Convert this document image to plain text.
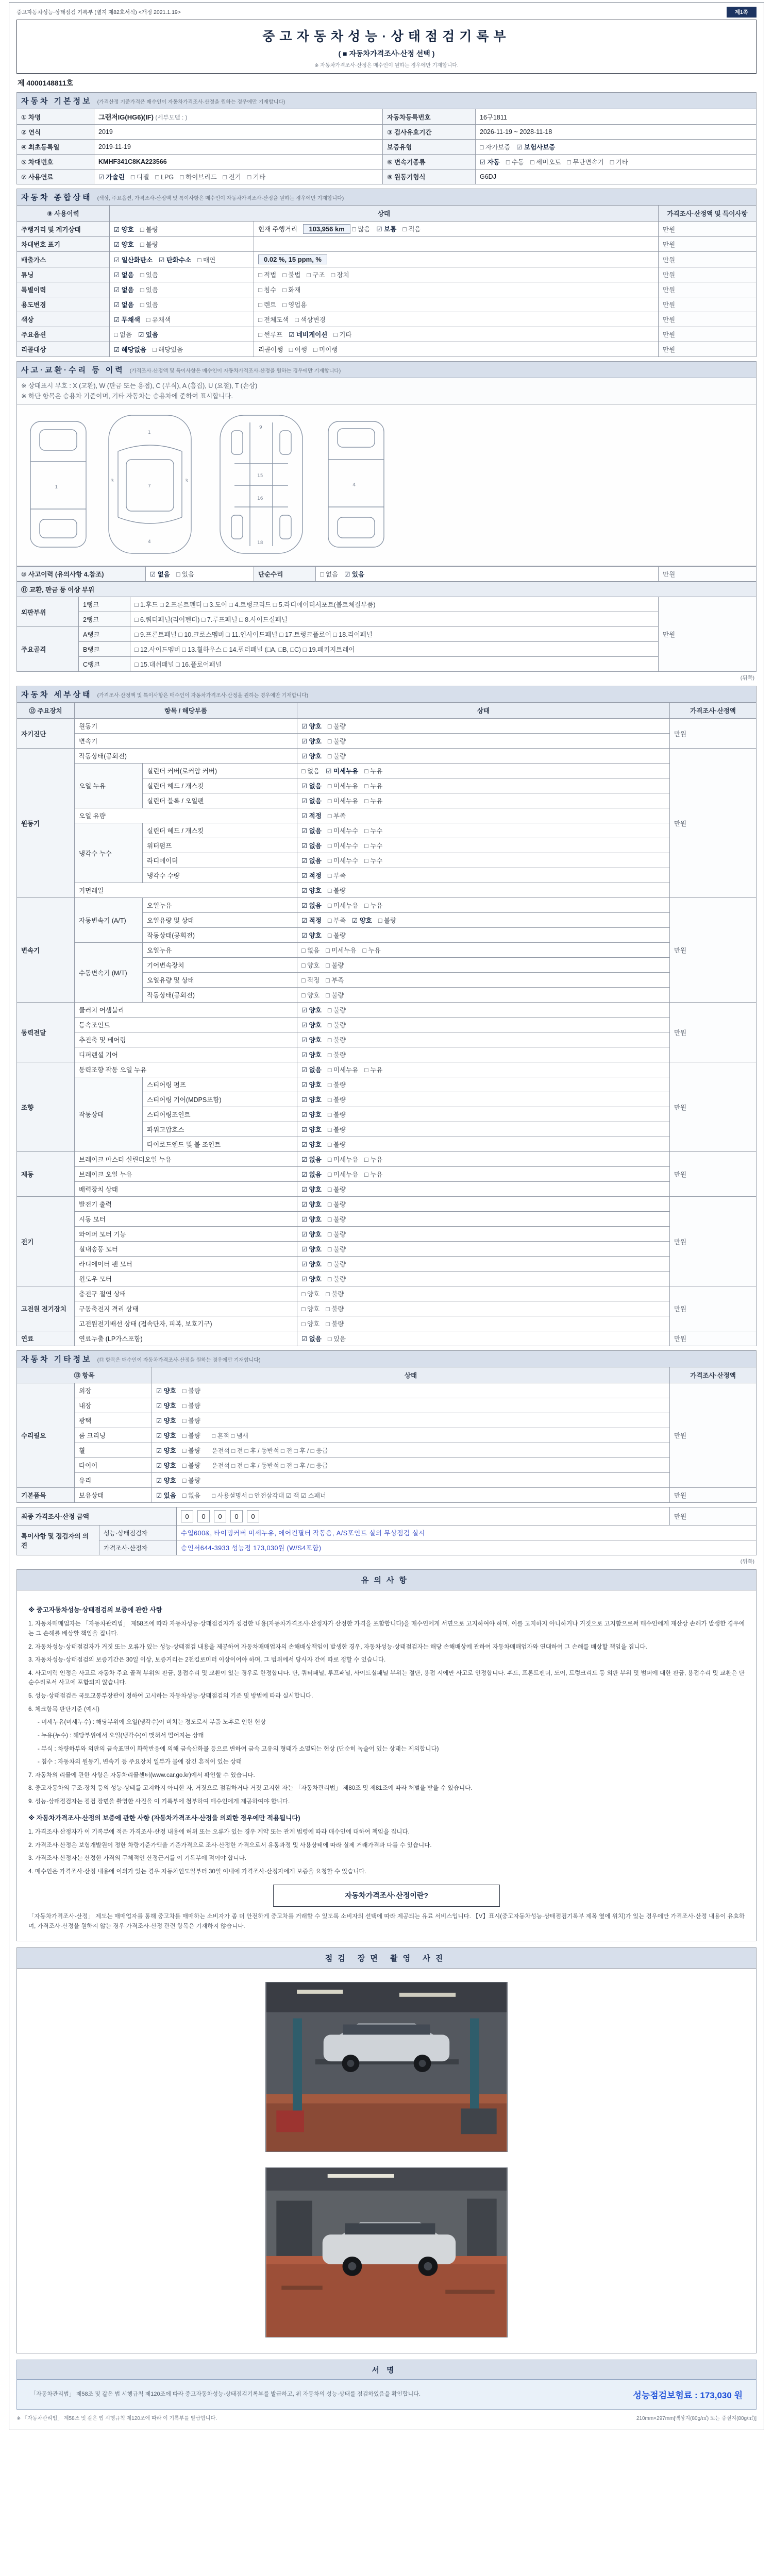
중고자동차성능·상태점검 기록부 (별지 제82호서식) <개정 2021.1.19>	제1쪽
중고자동차성능·상태점검기록부
( ■ 자동차가격조사·산정 선택 )
※ 자동차가격조사·산정은 매수인이 원하는 경우에만 기재합니다.
제 4000148811호
자동차 기본정보 (가격산정 기준가격은 매수인이 자동차가격조사·산정을 원하는 경우에만 기재합니다)			
① 차명	그랜저IG(HG6)(IF) (세부모델 : )	자동차등록번호	16구1811
② 연식	2019	③ 검사유효기간	2026-11-19 ~ 2028-11-18
④ 최초등록일	2019-11-19	보증유형	□ 자가보증 ☑ 보험사보증
⑤ 차대번호	KMHF341C8KA223566	⑥ 변속기종류	☑ 자동 □ 수동 □ 세미오토 □ 무단변속기 □ 기타
⑦ 사용연료	☑ 가솔린 □ 디젤 □ LPG □ 하이브리드 □ 전기 □ 기타	⑧ 원동기형식	G6DJ
자동차 종합상태 (색상, 주요옵션, 가격조사·산정액 및 특이사항은 매수인이 자동차가격조사·산정을 원하는 경우에만 기재합니다)			
⑨ 사용이력	상태		가격조사·산정액 및 특이사항
주행거리 및 계기상태	☑ 양호 □ 불량	현재 주행거리 103,956 km □ 많음 ☑ 보통 □ 적음	만원
차대번호 표기	☑ 양호 □ 불량		만원
배출가스	☑ 일산화탄소 ☑ 탄화수소 □ 매연	0.02 %, 15 ppm, %	만원
튜닝	☑ 없음 □ 있음	□ 적법 □ 불법 □ 구조 □ 장치	만원
특별이력	☑ 없음 □ 있음	□ 침수 □ 화재	만원
용도변경	☑ 없음 □ 있음	□ 렌트 □ 영업용	만원
색상	☑ 무채색 □ 유채색	□ 전체도색 □ 색상변경	만원
주요옵션	□ 없음 ☑ 있음	□ 썬루프 ☑ 네비게이션 □ 기타	만원
리콜대상	☑ 해당없음 □ 해당있음	리콜이행 □ 이행 □ 미이행	만원
사고·교환·수리 등 이력 (가격조사·산정액 및 특이사항은 매수인이 자동차가격조사·산정을 원하는 경우에만 기재합니다)

※ 상태표시 부호 : X (교환), W (판금 또는 용접), C (부식), A (흠집), U (요철), T (손상)
※ 하단 항목은 승용차 기준이며, 기타 자동차는 승용차에 준하여 표시합니다.

1
1
7
4
3	3
9
15
16
18
4
⑩ 사고이력 (유의사항 4.참조)	☑ 없음 □ 있음	단순수리	□ 없음 ☑ 있음	만원
⑪ 교환, 판금 등 이상 부위			
외판부위	1랭크	□ 1.후드 □ 2.프론트펜더 □ 3.도어 □ 4.트렁크리드 □ 5.라디에이터서포트(볼트체결부품)	만원
	2랭크	□ 6.쿼터패널(리어펜더) □ 7.루프패널 □ 8.사이드실패널	
주요골격	A랭크	□ 9.프론트패널 □ 10.크로스멤버 □ 11.인사이드패널 □ 17.트렁크플로어 □ 18.리어패널	
	B랭크	□ 12.사이드멤버 □ 13.휠하우스 □ 14.필러패널 (□A, □B, □C) □ 19.패키지트레이	
	C랭크	□ 15.대쉬패널 □ 16.플로어패널	
(뒤쪽)
자동차 세부상태 (가격조사·산정액 및 특이사항은 매수인이 자동차가격조사·산정을 원하는 경우에만 기재합니다)				
⑫ 주요장치	항목 / 해당부품		상태	가격조사·산정액
자기진단	원동기		☑ 양호 □ 불량	만원
	변속기		☑ 양호 □ 불량	
원동기	작동상태(공회전)		☑ 양호 □ 불량	만원
	오일 누유	실린더 커버(로커암 커버)	□ 없음 ☑ 미세누유 □ 누유	
		실린더 헤드 / 개스킷	☑ 없음 □ 미세누유 □ 누유	
		실린더 블록 / 오일팬	☑ 없음 □ 미세누유 □ 누유	
	오일 유량		☑ 적정 □ 부족	
	냉각수 누수	실린더 헤드 / 개스킷	☑ 없음 □ 미세누수 □ 누수	
		워터펌프	☑ 없음 □ 미세누수 □ 누수	
		라디에이터	☑ 없음 □ 미세누수 □ 누수	
		냉각수 수량	☑ 적정 □ 부족	
	커먼레일		☑ 양호 □ 불량	
변속기	자동변속기 (A/T)	오일누유	☑ 없음 □ 미세누유 □ 누유	만원
		오일유량 및 상태	☑ 적정 □ 부족 ☑ 양호 □ 불량	
		작동상태(공회전)	☑ 양호 □ 불량	
	수동변속기 (M/T)	오일누유	□ 없음 □ 미세누유 □ 누유	
		기어변속장치	□ 양호 □ 불량	
		오일유량 및 상태	□ 적정 □ 부족	
		작동상태(공회전)	□ 양호 □ 불량	
동력전달	클러치 어셈블리		☑ 양호 □ 불량	만원
	등속조인트		☑ 양호 □ 불량	
	추진축 및 베어링		☑ 양호 □ 불량	
	디퍼렌셜 기어		☑ 양호 □ 불량	
조향	동력조향 작동 오일 누유		☑ 없음 □ 미세누유 □ 누유	만원
	작동상태	스티어링 펌프	☑ 양호 □ 불량	
		스티어링 기어(MDPS포함)	☑ 양호 □ 불량	
		스티어링조인트	☑ 양호 □ 불량	
		파워고압호스	☑ 양호 □ 불량	
		타이로드엔드 및 볼 조인트	☑ 양호 □ 불량	
제동	브레이크 마스터 실린더오일 누유		☑ 없음 □ 미세누유 □ 누유	만원
	브레이크 오일 누유		☑ 없음 □ 미세누유 □ 누유	
	배력장치 상태		☑ 양호 □ 불량	
전기	발전기 출력		☑ 양호 □ 불량	만원
	시동 모터		☑ 양호 □ 불량	
	와이퍼 모터 기능		☑ 양호 □ 불량	
	실내송풍 모터		☑ 양호 □ 불량	
	라디에이터 팬 모터		☑ 양호 □ 불량	
	윈도우 모터		☑ 양호 □ 불량	
고전원 전기장치	충전구 절연 상태		□ 양호 □ 불량	만원
	구동축전지 격리 상태		□ 양호 □ 불량	
	고전원전기배선 상태 (접속단자, 피복, 보호기구)		□ 양호 □ 불량	
연료	연료누출 (LP가스포함)		☑ 없음 □ 있음	만원
자동차 기타정보 (⑬ 항목은 매수인이 자동차가격조사·산정을 원하는 경우에만 기재합니다)			
⑬ 항목		상태	가격조사·산정액
수리필요	외장	☑ 양호 □ 불량	만원
	내장	☑ 양호 □ 불량	
	광택	☑ 양호 □ 불량	
	룸 크리닝	☑ 양호 □ 불량 □ 흔적 □ 냄새	
	휠	☑ 양호 □ 불량 운전석 □ 전 □ 후 / 동반석 □ 전 □ 후 / □ 응급	
	타이어	☑ 양호 □ 불량 운전석 □ 전 □ 후 / 동반석 □ 전 □ 후 / □ 응급	
	유리	☑ 양호 □ 불량	
기본품목	보유상태	☑ 있음 □ 없음 □ 사용설명서 □ 안전삼각대 ☑ 잭 ☑ 스패너	만원
최종 가격조사·산정 금액		0 0 0 0 0	만원
특이사항 및 점검자의 의견	성능·상태점검자	수입600&, 타이밍커버 미세누유, 에어컨필터 작동음, A/S포인트 실외 무상점검 실시	
	가격조사·산정자	승인서644-3933 성능점 173,030원 (W/S4포함)	
(뒤쪽)
유의사항
※ 중고자동차성능·상태점검의 보증에 관한 사항

1. 자동차매매업자는 「자동차관리법」 제58조에 따라 자동차성능·상태점검자가 점검한 내용(자동차가격조사·산정자가 산정한 가격을 포함합니다)을 매수인에게 서면으로 고지하여야 하며, 이를 고지하지 아니하거나 거짓으로 고지함으로써 매수인에게 재산상 손해가 발생한 경우에는 그 손해를 배상할 책임을 집니다.

2. 자동차성능·상태점검자가 거짓 또는 오류가 있는 성능·상태점검 내용을 제공하여 자동차매매업자의 손해배상책임이 발생한 경우, 자동차성능·상태점검자는 해당 손해배상에 관하여 자동차매매업자와 연대하여 그 손해를 배상할 책임을 집니다.

3. 자동차성능·상태점검의 보증기간은 30일 이상, 보증거리는 2천킬로미터 이상이어야 하며, 그 범위에서 당사자 간에 따로 정할 수 있습니다.

4. 사고이력 인정은 사고로 자동차 주요 골격 부위의 판금, 용접수리 및 교환이 있는 경우로 한정합니다. 단, 쿼터패널, 루프패널, 사이드실패널 부위는 절단, 용접 시에만 사고로 인정합니다. 후드, 프론트펜더, 도어, 트렁크리드 등 외판 부위 및 범퍼에 대한 판금, 용접수리 및 교환은 단순수리로서 사고에 포함되지 않습니다.

5. 성능·상태점검은 국토교통부장관이 정하여 고시하는 자동차성능·상태점검의 기준 및 방법에 따라 실시합니다.

6. 체크항목 판단기준 (예시)

- 미세누유(미세누수) : 해당부위에 오일(냉각수)이 비치는 정도로서 부품 노후로 인한 현상

- 누유(누수) : 해당부위에서 오일(냉각수)이 맺혀서 떨어지는 상태

- 부식 : 차량하부와 외판의 금속표면이 화학반응에 의해 금속산화물 등으로 변하여 금속 고유의 형태가 소멸되는 현상 (단순히 녹슬어 있는 상태는 제외합니다)

- 침수 : 자동차의 원동기, 변속기 등 주요장치 일부가 물에 잠긴 흔적이 있는 상태

7. 자동차의 리콜에 관한 사항은 자동차리콜센터(www.car.go.kr)에서 확인할 수 있습니다.

8. 중고자동차의 구조·장치 등의 성능·상태를 고지하지 아니한 자, 거짓으로 점검하거나 거짓 고지한 자는 「자동차관리법」 제80조 및 제81조에 따라 처벌을 받을 수 있습니다.

9. 성능·상태점검자는 점검 장면을 촬영한 사진을 이 기록부에 첨부하여 매수인에게 제공하여야 합니다.

※ 자동차가격조사·산정의 보증에 관한 사항 (자동차가격조사·산정을 의뢰한 경우에만 적용됩니다)

1. 가격조사·산정자가 이 기록부에 적은 가격조사·산정 내용에 허위 또는 오류가 있는 경우 계약 또는 관계 법령에 따라 매수인에 대하여 책임을 집니다.

2. 가격조사·산정은 보험개발원이 정한 차량기준가액을 기준가격으로 조사·산정한 가격으로서 유통과정 및 사용상태에 따라 실제 거래가격과 다를 수 있습니다.

3. 가격조사·산정자는 산정한 가격의 구체적인 산정근거를 이 기록부에 적어야 합니다.

4. 매수인은 가격조사·산정 내용에 이의가 있는 경우 자동차인도일부터 30일 이내에 가격조사·산정자에게 보증을 요청할 수 있습니다.

자동차가격조사·산정이란?
「자동차가격조사·산정」 제도는 매매업자를 통해 중고차를 매매하는 소비자가 좀 더 안전하게 중고차를 거래할 수 있도록 소비자의 선택에 따라 제공되는 유료 서비스입니다. 【V】표시(중고자동차성능·상태점검기록부 제목 옆에 위치)가 있는 경우에만 가격조사·산정 내용이 유효하며, 가격조사·산정을 원하지 않는 경우 가격조사·산정 관련 항목은 기재하지 않습니다.
점검 장면 촬영 사진
서명
「자동차관리법」 제58조 및 같은 법 시행규칙 제120조에 따라 중고자동차성능·상태점검기록부를 발급하고, 위 자동차의 성능·상태를 점검하였음을 확인합니다.	성능점검보험료 : 173,030 원
※ 「자동차관리법」 제58조 및 같은 법 시행규칙 제120조에 따라 이 기록부를 발급합니다.	210mm×297mm[백상지(80g/㎡) 또는 중질지(80g/㎡)]
